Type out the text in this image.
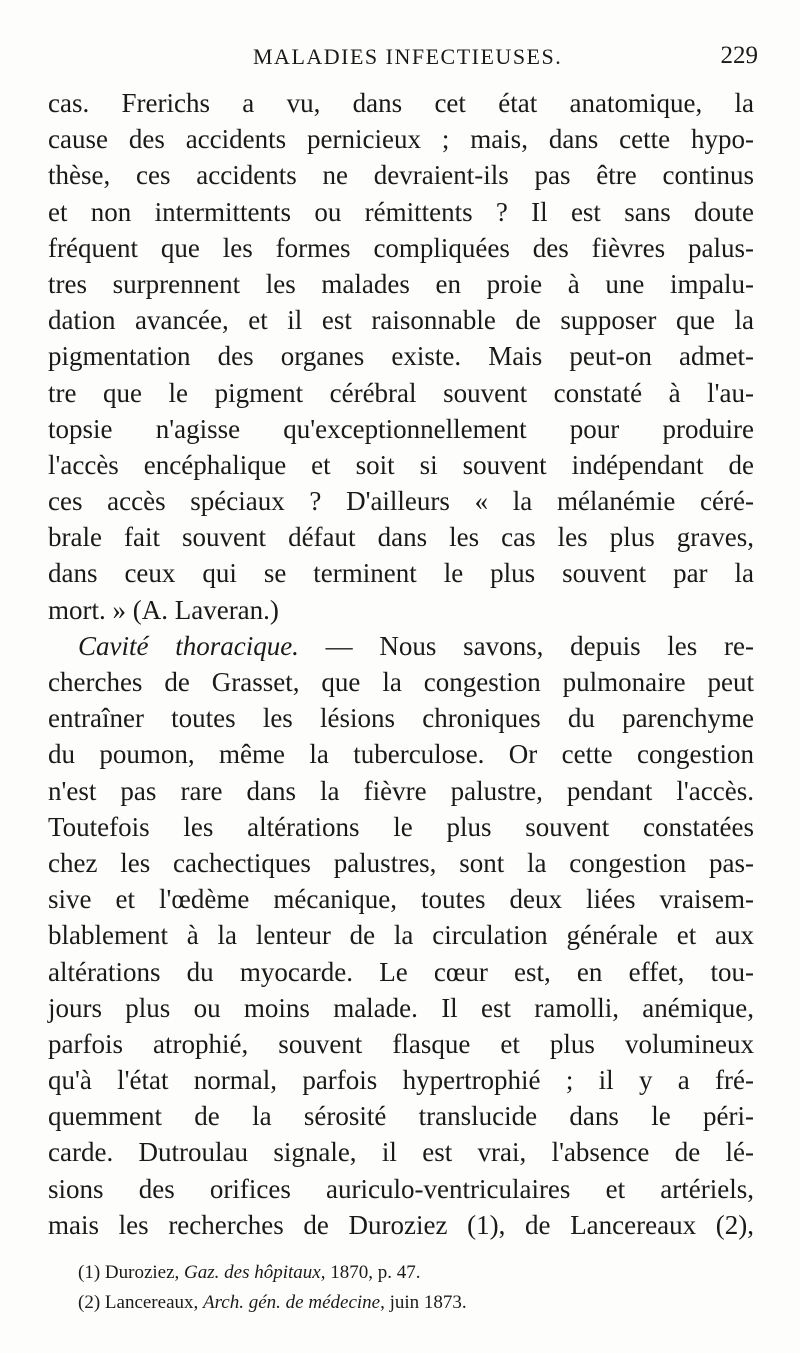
MALADIES INFECTIEUSES.	229
cas. Frerichs a vu, dans cet état anatomique, la
cause des accidents pernicieux ; mais, dans cette hypo-
thèse, ces accidents ne devraient-ils pas être continus
et non intermittents ou rémittents ? Il est sans doute
fréquent que les formes compliquées des fièvres palus-
tres surprennent les malades en proie à une impalu-
dation avancée, et il est raisonnable de supposer que la
pigmentation des organes existe. Mais peut-on admet-
tre que le pigment cérébral souvent constaté à l'au-
topsie n'agisse qu'exceptionnellement pour produire
l'accès encéphalique et soit si souvent indépendant de
ces accès spéciaux ? D'ailleurs « la mélanémie céré-
brale fait souvent défaut dans les cas les plus graves,
dans ceux qui se terminent le plus souvent par la
mort. » (A. Laveran.)
Cavité thoracique. — Nous savons, depuis les re-
cherches de Grasset, que la congestion pulmonaire peut
entraîner toutes les lésions chroniques du parenchyme
du poumon, même la tuberculose. Or cette congestion
n'est pas rare dans la fièvre palustre, pendant l'accès.
Toutefois les altérations le plus souvent constatées
chez les cachectiques palustres, sont la congestion pas-
sive et l'œdème mécanique, toutes deux liées vraisem-
blablement à la lenteur de la circulation générale et aux
altérations du myocarde. Le cœur est, en effet, tou-
jours plus ou moins malade. Il est ramolli, anémique,
parfois atrophié, souvent flasque et plus volumineux
qu'à l'état normal, parfois hypertrophié ; il y a fré-
quemment de la sérosité translucide dans le péri-
carde. Dutroulau signale, il est vrai, l'absence de lé-
sions des orifices auriculo-ventriculaires et artériels,
mais les recherches de Duroziez (1), de Lancereaux (2),
(1) Duroziez, Gaz. des hôpitaux, 1870, p. 47.
(2) Lancereaux, Arch. gén. de médecine, juin 1873.
